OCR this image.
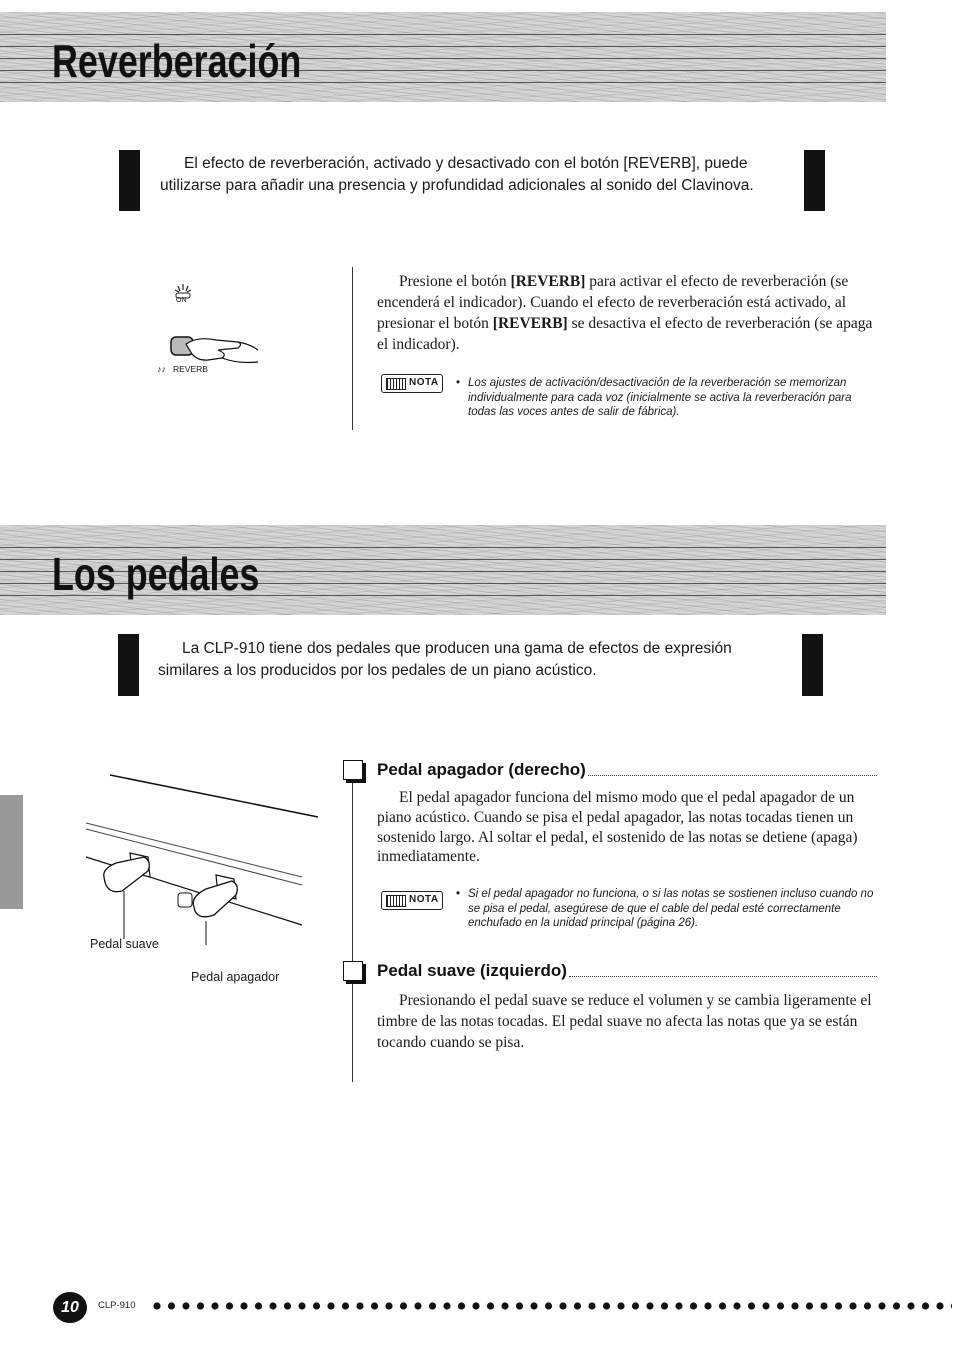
Reverberación

El efecto de reverberación, activado y desactivado con el botón [REVERB], puede utilizarse para añadir una presencia y profundidad adicionales al sonido del Clavinova.

ON
♪♪ REVERB

Presione el botón [REVERB] para activar el efecto de reverberación (se encenderá el indicador). Cuando el efecto de reverberación está activado, al presionar el botón [REVERB] se desactiva el efecto de reverberación (se apaga el indicador).

NOTA • Los ajustes de activación/desactivación de la reverberación se memorizan individualmente para cada voz (inicialmente se activa la reverberación para todas las voces antes de salir de fábrica).
Los pedales

La CLP-910 tiene dos pedales que producen una gama de efectos de expresión similares a los producidos por los pedales de un piano acústico.

Pedal suave
Pedal apagador
Pedal apagador (derecho)

El pedal apagador funciona del mismo modo que el pedal apagador de un piano acústico. Cuando se pisa el pedal apagador, las notas tocadas tienen un sostenido largo. Al soltar el pedal, el sostenido de las notas se detiene (apaga) inmediatamente.

NOTA • Si el pedal apagador no funciona, o si las notas se sostienen incluso cuando no se pisa el pedal, asegúrese de que el cable del pedal esté correctamente enchufado en la unidad principal (página 26).
Pedal suave (izquierdo)

Presionando el pedal suave se reduce el volumen y se cambia ligeramente el timbre de las notas tocadas. El pedal suave no afecta las notas que ya se están tocando cuando se pisa.

10	CLP-910
